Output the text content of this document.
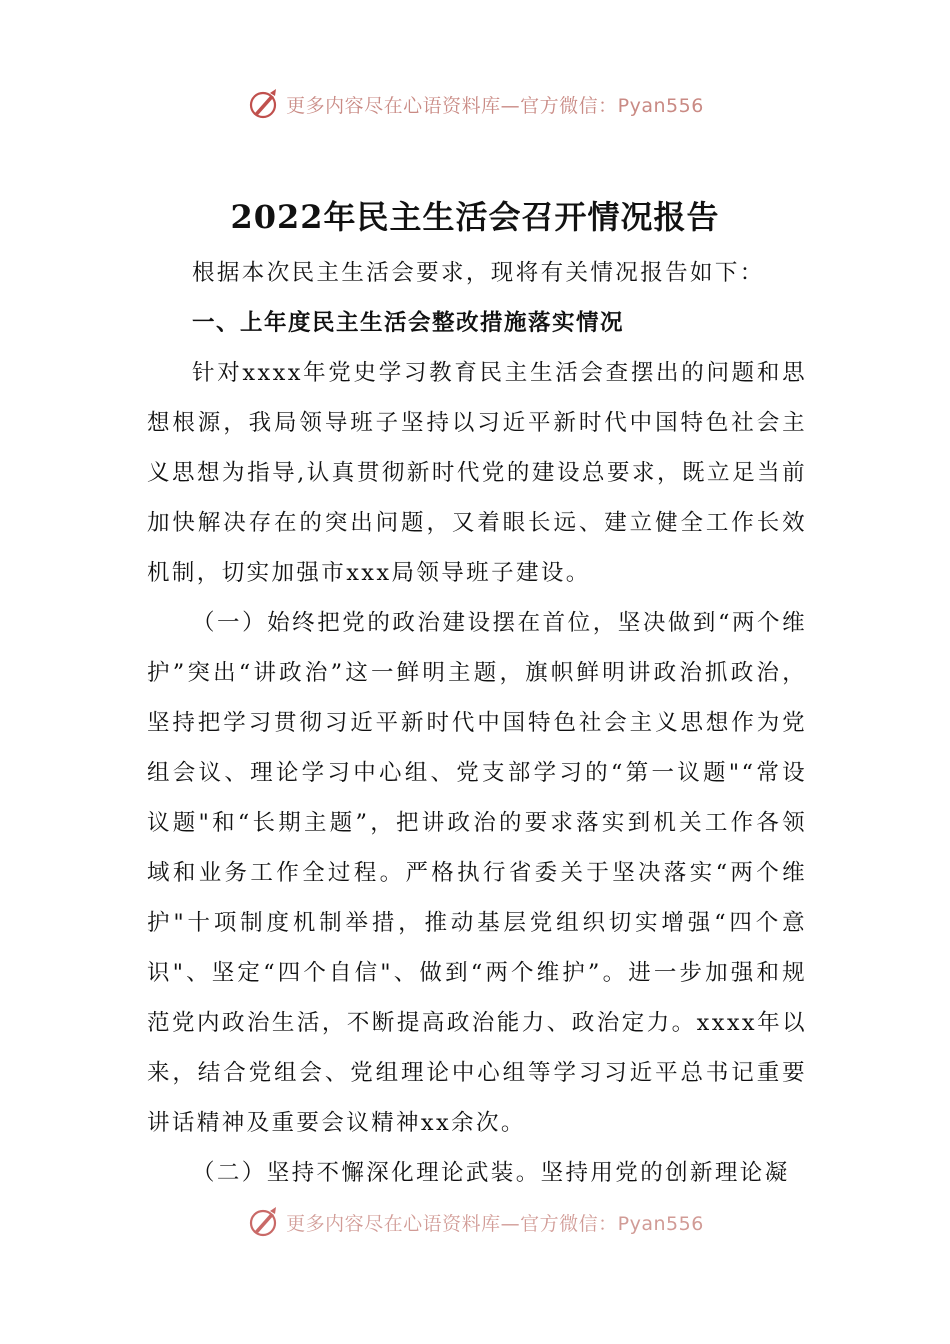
更多内容尽在心语资料库—官方微信：Pyan556
2022年民主生活会召开情况报告

根据本次民主生活会要求，现将有关情况报告如下：

一、上年度民主生活会整改措施落实情况

针对xxxx年党史学习教育民主生活会查摆出的问题和思想根源，我局领导班子坚持以习近平新时代中国特色社会主义思想为指导,认真贯彻新时代党的建设总要求，既立足当前加快解决存在的突出问题，又着眼长远、建立健全工作长效机制，切实加强市xxx局领导班子建设。

（一）始终把党的政治建设摆在首位，坚决做到“两个维护”突出“讲政治”这一鲜明主题，旗帜鲜明讲政治抓政治，坚持把学习贯彻习近平新时代中国特色社会主义思想作为党组会议、理论学习中心组、党支部学习的“第一议题"“常设议题"和“长期主题”，把讲政治的要求落实到机关工作各领域和业务工作全过程。严格执行省委关于坚决落实“两个维护"十项制度机制举措，推动基层党组织切实增强“四个意识"、坚定“四个自信"、做到“两个维护”。进一步加强和规范党内政治生活，不断提高政治能力、政治定力。xxxx年以来，结合党组会、党组理论中心组等学习习近平总书记重要讲话精神及重要会议精神xx余次。

（二）坚持不懈深化理论武装。坚持用党的创新理论凝

更多内容尽在心语资料库—官方微信：Pyan556
